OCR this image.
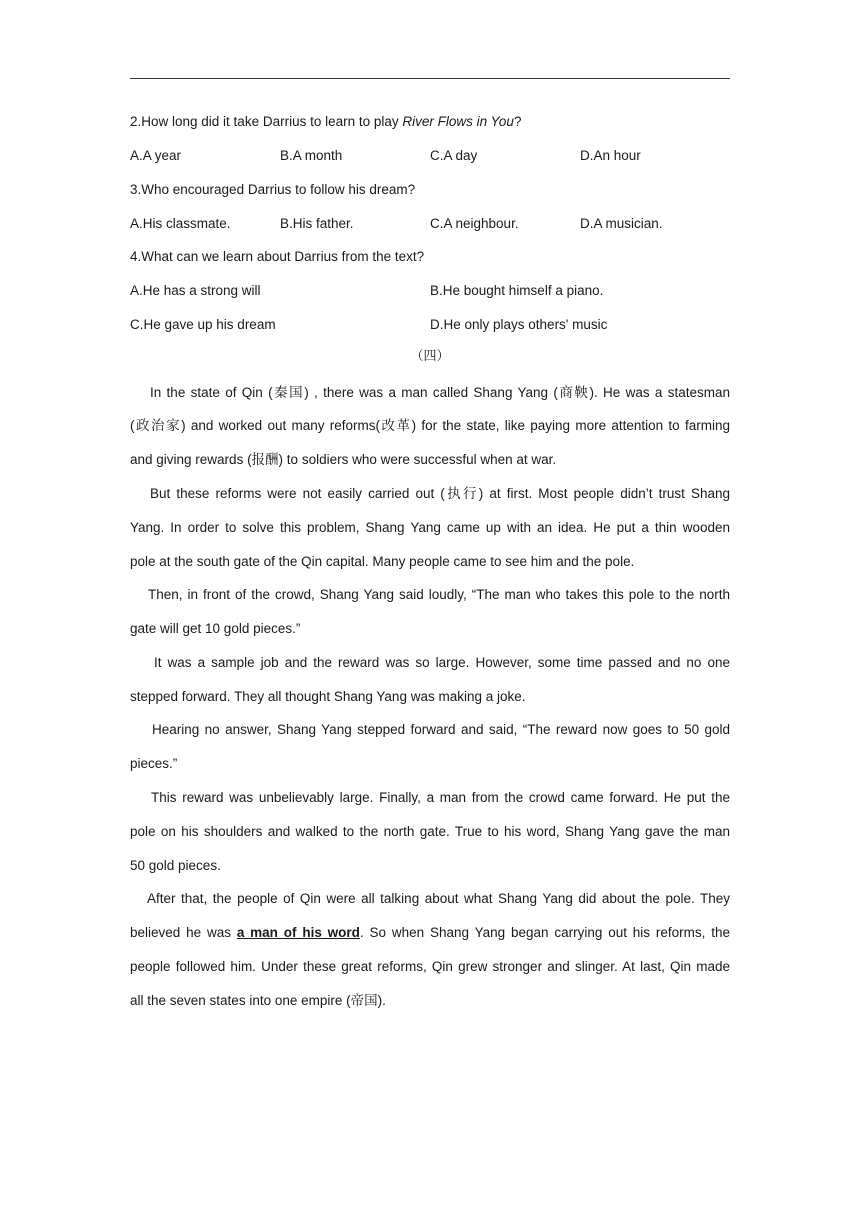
2.How long did it take Darrius to learn to play River Flows in You?
A.A year	B.A month	C.A day	D.An hour
3.Who encouraged Darrius to follow his dream?
A.His classmate.	B.His father.	C.A neighbour.	D.A musician.
4.What can we learn about Darrius from the text?
A.He has a strong will	B.He bought himself a piano.
C.He gave up his dream	D.He only plays others' music
（四）
In the state of Qin (秦国) , there was a man called Shang Yang (商鞅). He was a statesman
(政治家) and worked out many reforms(改革) for the state, like paying more attention to farming
and giving rewards (报酬) to soldiers who were successful when at war.
But these reforms were not easily carried out (执行) at first. Most people didn’t trust Shang
Yang. In order to solve this problem, Shang Yang came up with an idea. He put a thin wooden
pole at the south gate of the Qin capital. Many people came to see him and the pole.
Then, in front of the crowd, Shang Yang said loudly, “The man who takes this pole to the north
gate will get 10 gold pieces.”
It was a sample job and the reward was so large. However, some time passed and no one
stepped forward. They all thought Shang Yang was making a joke.
Hearing no answer, Shang Yang stepped forward and said, “The reward now goes to 50 gold
pieces.”
This reward was unbelievably large. Finally, a man from the crowd came forward. He put the
pole on his shoulders and walked to the north gate. True to his word, Shang Yang gave the man
50 gold pieces.
After that, the people of Qin were all talking about what Shang Yang did about the pole. They
believed he was a man of his word. So when Shang Yang began carrying out his reforms, the
people followed him. Under these great reforms, Qin grew stronger and slinger. At last, Qin made
all the seven states into one empire (帝国).
